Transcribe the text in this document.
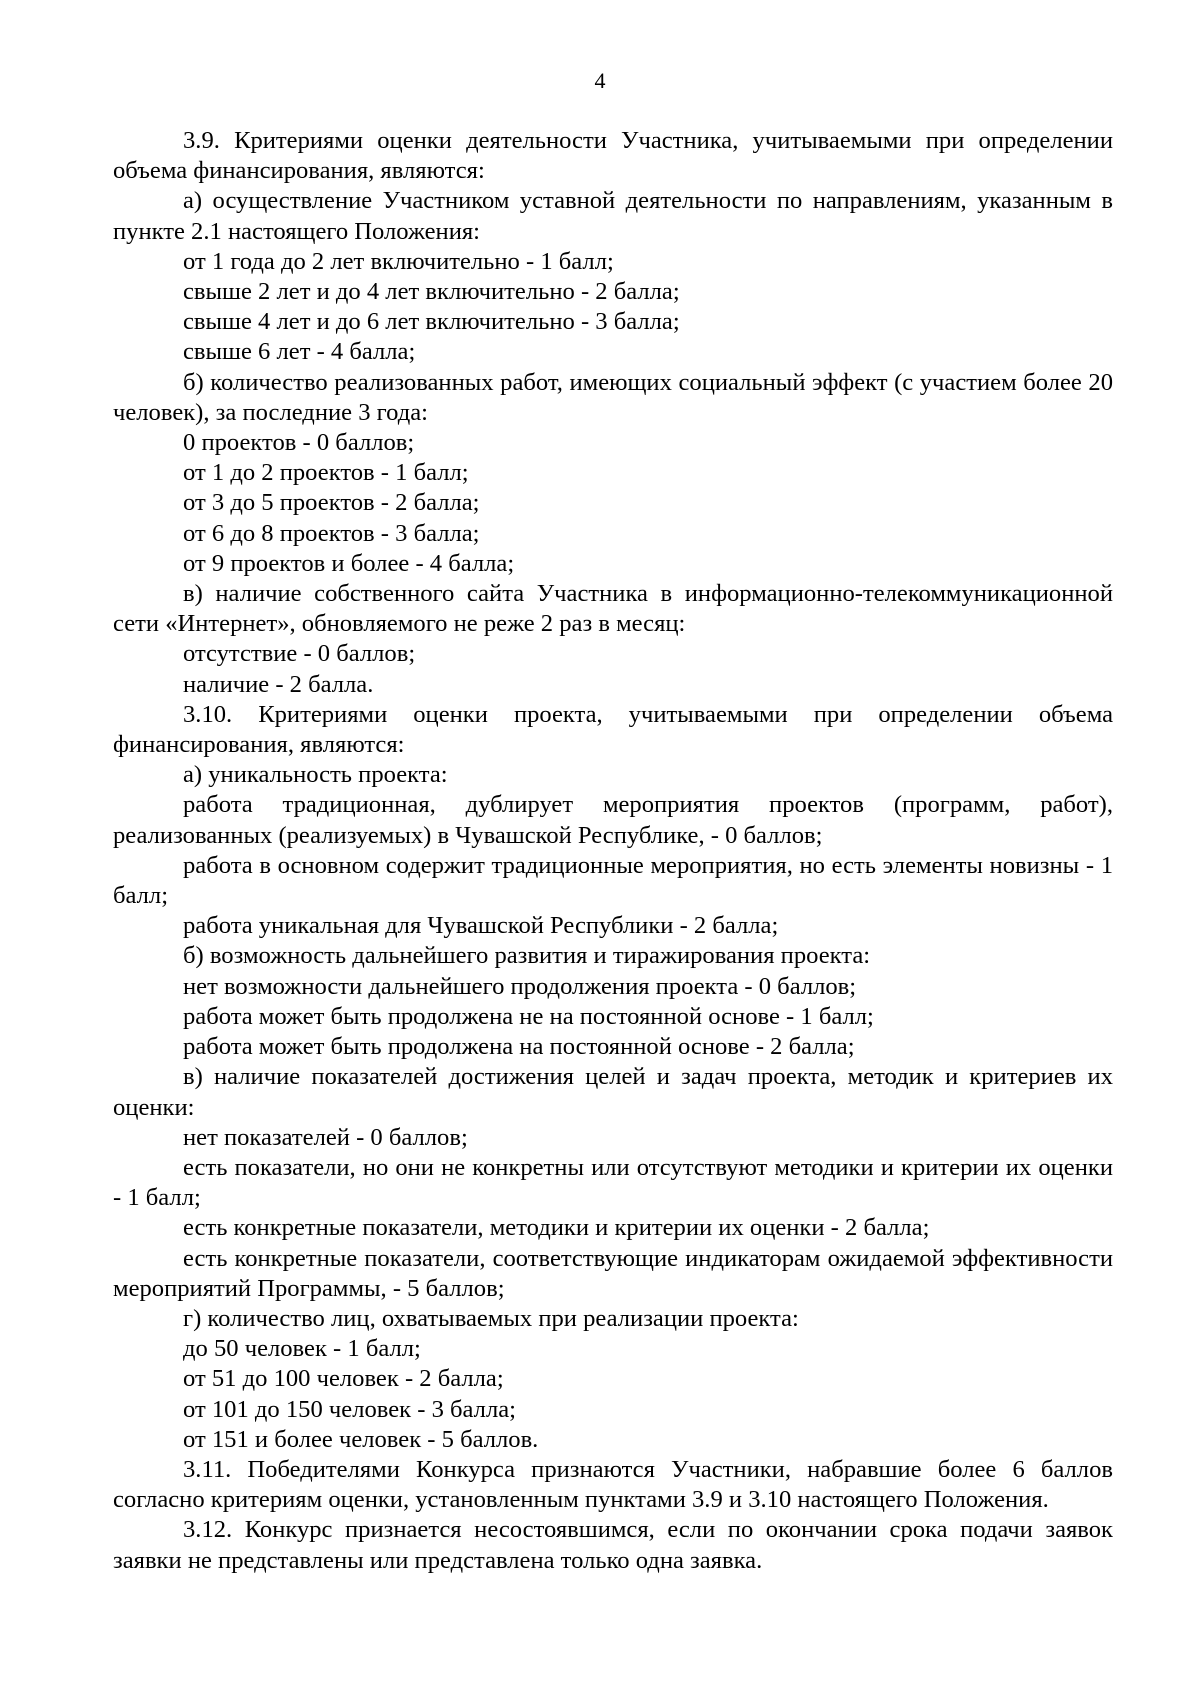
4

3.9. Критериями оценки деятельности Участника, учитываемыми при определении объема финансирования, являются:

а) осуществление Участником уставной деятельности по направлениям, указанным в пункте 2.1 настоящего Положения:

от 1 года до 2 лет включительно - 1 балл;

свыше 2 лет и до 4 лет включительно - 2 балла;

свыше 4 лет и до 6 лет включительно - 3 балла;

свыше 6 лет - 4 балла;

б) количество реализованных работ, имеющих социальный эффект (с участием более 20 человек), за последние 3 года:

0 проектов - 0 баллов;

от 1 до 2 проектов - 1 балл;

от 3 до 5 проектов - 2 балла;

от 6 до 8 проектов - 3 балла;

от 9 проектов и более - 4 балла;

в) наличие собственного сайта Участника в информационно-телекоммуникационной сети «Интернет», обновляемого не реже 2 раз в месяц:

отсутствие - 0 баллов;

наличие - 2 балла.

3.10. Критериями оценки проекта, учитываемыми при определении объема финансирования, являются:

а) уникальность проекта:

работа традиционная, дублирует мероприятия проектов (программ, работ), реализованных (реализуемых) в Чувашской Республике, - 0 баллов;

работа в основном содержит традиционные мероприятия, но есть элементы новизны - 1 балл;

работа уникальная для Чувашской Республики - 2 балла;

б) возможность дальнейшего развития и тиражирования проекта:

нет возможности дальнейшего продолжения проекта - 0 баллов;

работа может быть продолжена не на постоянной основе - 1 балл;

работа может быть продолжена на постоянной основе - 2 балла;

в) наличие показателей достижения целей и задач проекта, методик и критериев их оценки:

нет показателей - 0 баллов;

есть показатели, но они не конкретны или отсутствуют методики и критерии их оценки - 1 балл;

есть конкретные показатели, методики и критерии их оценки - 2 балла;

есть конкретные показатели, соответствующие индикаторам ожидаемой эффективности мероприятий Программы, - 5 баллов;

г) количество лиц, охватываемых при реализации проекта:

до 50 человек - 1 балл;

от 51 до 100 человек - 2 балла;

от 101 до 150 человек - 3 балла;

от 151 и более человек - 5 баллов.

3.11. Победителями Конкурса признаются Участники, набравшие более 6 баллов согласно критериям оценки, установленным пунктами 3.9 и 3.10 настоящего Положения.

3.12. Конкурс признается несостоявшимся, если по окончании срока подачи заявок заявки не представлены или представлена только одна заявка.
